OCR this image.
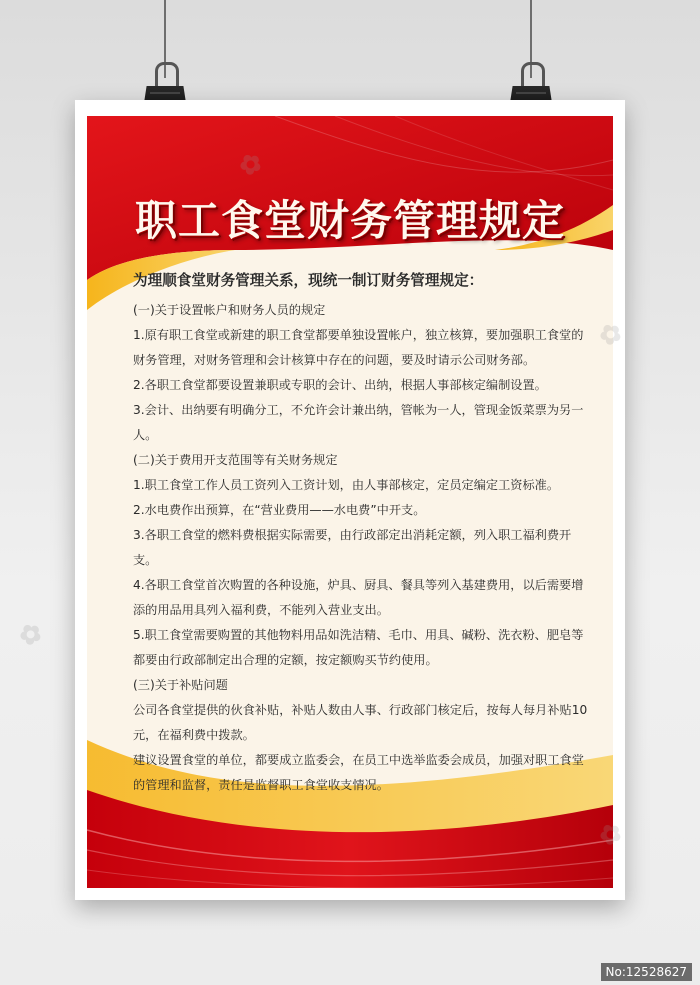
职工食堂财务管理规定

为理顺食堂财务管理关系，现统一制订财务管理规定：

(一)关于设置帐户和财务人员的规定

1.原有职工食堂或新建的职工食堂都要单独设置帐户，独立核算，要加强职工食堂的财务管理，对财务管理和会计核算中存在的问题，要及时请示公司财务部。

2.各职工食堂都要设置兼职或专职的会计、出纳，根据人事部核定编制设置。

3.会计、出纳要有明确分工，不允许会计兼出纳，管帐为一人，管现金饭菜票为另一人。

(二)关于费用开支范围等有关财务规定

1.职工食堂工作人员工资列入工资计划，由人事部核定，定员定编定工资标准。

2.水电费作出预算，在“营业费用——水电费”中开支。

3.各职工食堂的燃料费根据实际需要，由行政部定出消耗定额，列入职工福利费开支。

4.各职工食堂首次购置的各种设施，炉具、厨具、餐具等列入基建费用，以后需要增添的用品用具列入福利费，不能列入营业支出。

5.职工食堂需要购置的其他物料用品如洗洁精、毛巾、用具、碱粉、洗衣粉、肥皂等都要由行政部制定出合理的定额，按定额购买节约使用。

(三)关于补贴问题

公司各食堂提供的伙食补贴，补贴人数由人事、行政部门核定后，按每人每月补贴10元，在福利费中拨款。

建议设置食堂的单位，都要成立监委会，在员工中选举监委会成员，加强对职工食堂的管理和监督，责任是监督职工食堂收支情况。

✿
✿
✿
✿
No:12528627
